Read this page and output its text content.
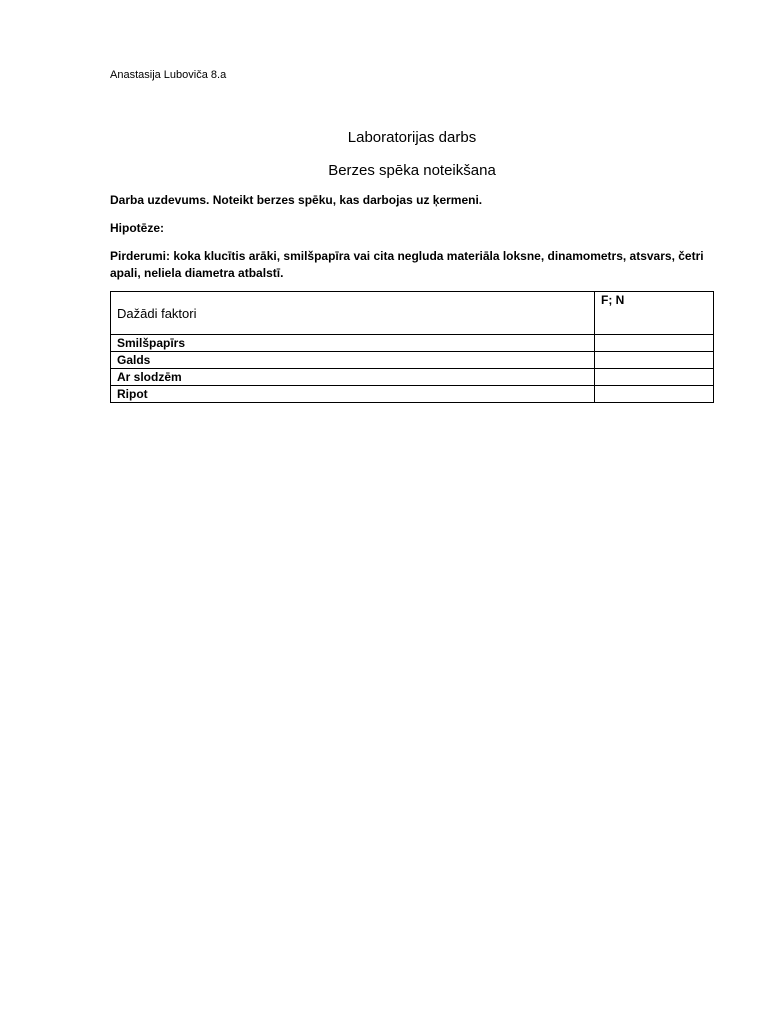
Anastasija Luboviča 8.a
Laboratorijas darbs
Berzes spēka noteikšana
Darba uzdevums. Noteikt berzes spēku, kas darbojas uz ķermeni.
Hipotēze:
Pirderumi: koka klucītis arāki, smilšpapīra vai cita negluda materiāla loksne, dinamometrs, atsvars, četri apali, neliela diametra atbalstī.
Dažādi faktori	F; N
Smilšpapīrs	
Galds	
Ar slodzēm	
Ripot	
